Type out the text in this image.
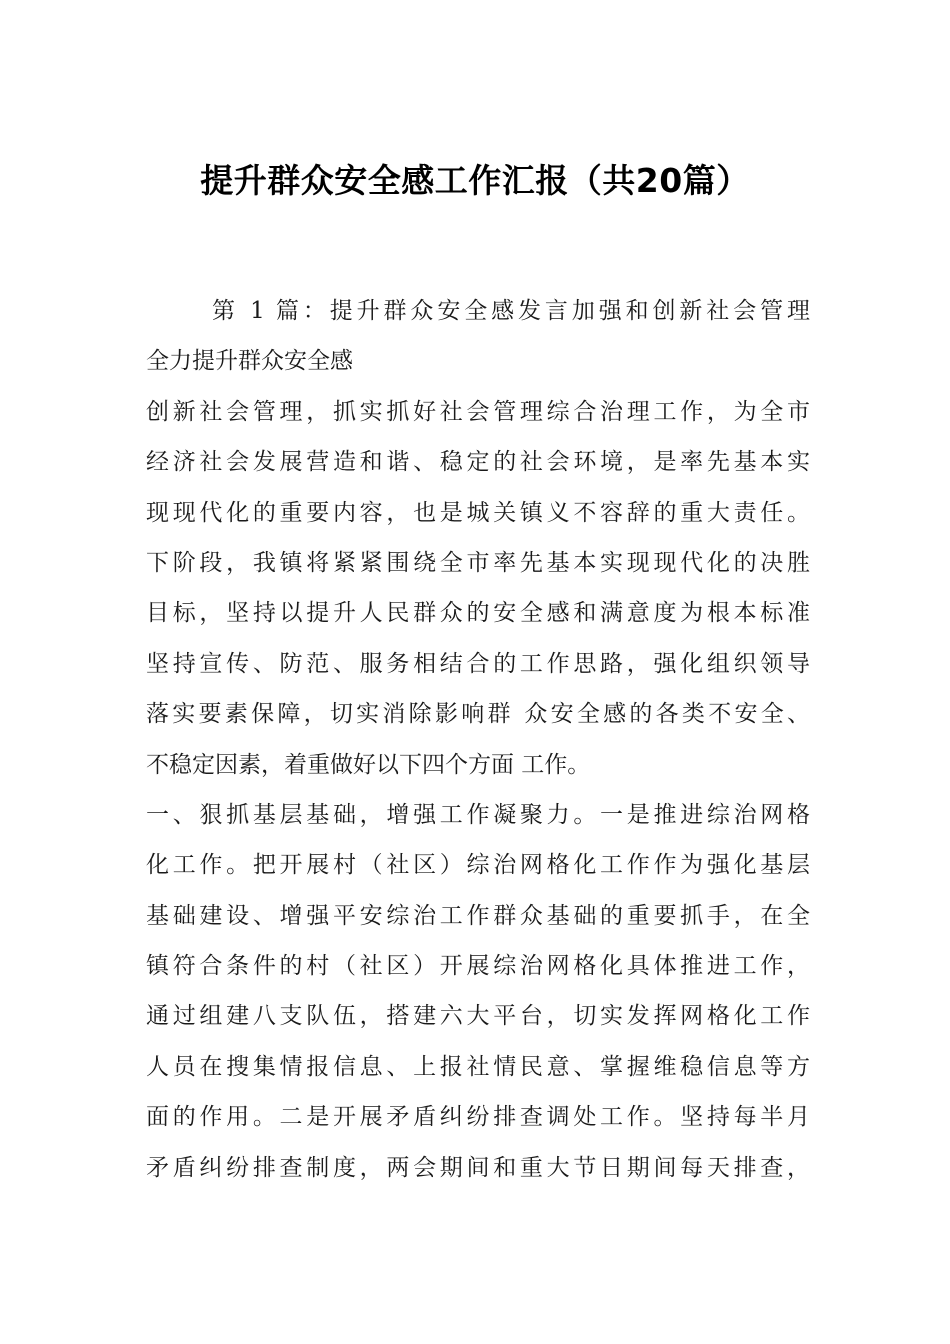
提升群众安全感工作汇报（共20篇）
第 1 篇：提升群众安全感发言加强和创新社会管理
全力提升群众安全感
创新社会管理，抓实抓好社会管理综合治理工作，为全市
经济社会发展营造和谐、稳定的社会环境，是率先基本实
现现代化的重要内容，也是城关镇义不容辞的重大责任。
下阶段，我镇将紧紧围绕全市率先基本实现现代化的决胜
目标，坚持以提升人民群众的安全感和满意度为根本标准
坚持宣传、防范、服务相结合的工作思路，强化组织领导
落实要素保障，切实消除影响群 众安全感的各类不安全、
不稳定因素，着重做好以下四个方面 工作。
一、狠抓基层基础，增强工作凝聚力。一是推进综治网格
化工作。把开展村（社区）综治网格化工作作为强化基层
基础建设、增强平安综治工作群众基础的重要抓手，在全
镇符合条件的村（社区）开展综治网格化具体推进工作，
通过组建八支队伍，搭建六大平台，切实发挥网格化工作
人员在搜集情报信息、上报社情民意、掌握维稳信息等方
面的作用。二是开展矛盾纠纷排查调处工作。坚持每半月
矛盾纠纷排查制度，两会期间和重大节日期间每天排查，
